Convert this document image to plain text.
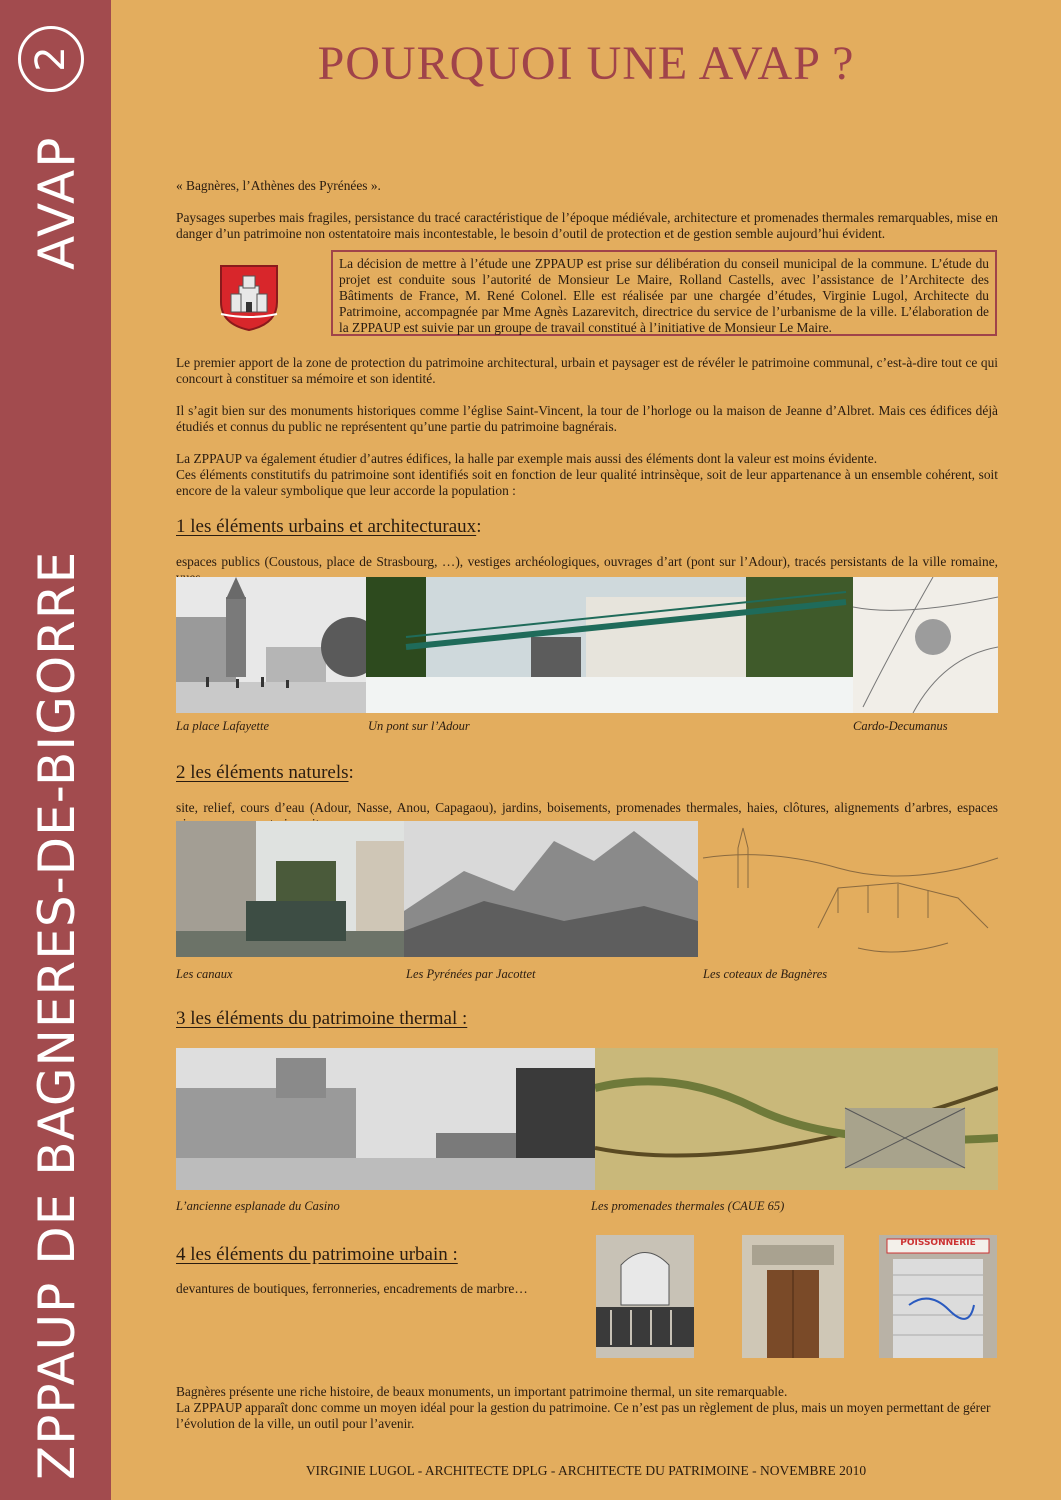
2
AVAP
ZPPAUP DE BAGNERES-DE-BIGORRE
POURQUOI UNE AVAP ?

« Bagnères, l’Athènes des Pyrénées ».

Paysages superbes mais fragiles, persistance du tracé caractéristique de l’époque médiévale, architecture et promenades thermales remarquables, mise en danger d’un patrimoine non ostentatoire mais incontestable, le besoin d’outil de protection et de gestion semble aujourd’hui évident.

La décision de mettre à l’étude une ZPPAUP est prise sur délibération du conseil municipal de la commune. L’étude du projet est conduite sous l’autorité de Monsieur Le Maire, Rolland Castells, avec l’assistance de l’Architecte des Bâtiments de France, M. René Colonel. Elle est réalisée par une chargée d’études, Virginie Lugol, Architecte du Patrimoine, accompagnée par Mme Agnès Lazarevitch, directrice du service de l’urbanisme de la ville. L’élaboration de la ZPPAUP est suivie par un groupe de travail constitué à l’initiative de Monsieur Le Maire.

Le premier apport de la zone de protection du patrimoine architectural, urbain et paysager est de révéler le patrimoine communal, c’est-à-dire tout ce qui concourt à constituer sa mémoire et son identité.

Il s’agit bien sur des monuments historiques comme l’église Saint-Vincent, la tour de l’horloge ou la maison de Jeanne d’Albret. Mais ces édifices déjà étudiés et connus du public ne représentent qu’une partie du patrimoine bagnérais.

La ZPPAUP va également étudier d’autres édifices, la halle par exemple mais aussi des éléments dont la valeur est moins évidente.

Ces éléments constitutifs du patrimoine sont identifiés soit en fonction de leur qualité intrinsèque, soit de leur appartenance à un ensemble cohérent, soit encore de la valeur symbolique que leur accorde la population :

1 les éléments urbains et architecturaux:

espaces publics (Coustous, place de Strasbourg, …), vestiges archéologiques, ouvrages d’art (pont sur l’Adour), tracés persistants de la ville romaine,

La place Lafayette	Un pont sur l’Adour	Cardo-Decumanus
2 les éléments naturels:

site, relief, cours d’eau (Adour, Nasse, Anou, Capagaou), jardins, boisements, promenades thermales, haies, clôtures, alignements d’arbres, espaces

Les canaux	Les Pyrénées par Jacottet	Les coteaux de Bagnères
3 les éléments du patrimoine thermal :
L’ancienne esplanade du Casino	Les promenades thermales (CAUE 65)
4 les éléments du patrimoine urbain :

devantures de boutiques, ferronneries, encadrements de marbre…

POISSONNERIE

Bagnères présente une riche histoire, de beaux monuments, un important patrimoine thermal, un site remarquable.

La ZPPAUP apparaît donc comme un moyen idéal pour la gestion du patrimoine. Ce n’est pas un règlement de plus, mais un moyen permettant de gérer l’évolution de la ville, un outil pour l’avenir.

VIRGINIE LUGOL - ARCHITECTE DPLG - ARCHITECTE DU PATRIMOINE - NOVEMBRE 2010
